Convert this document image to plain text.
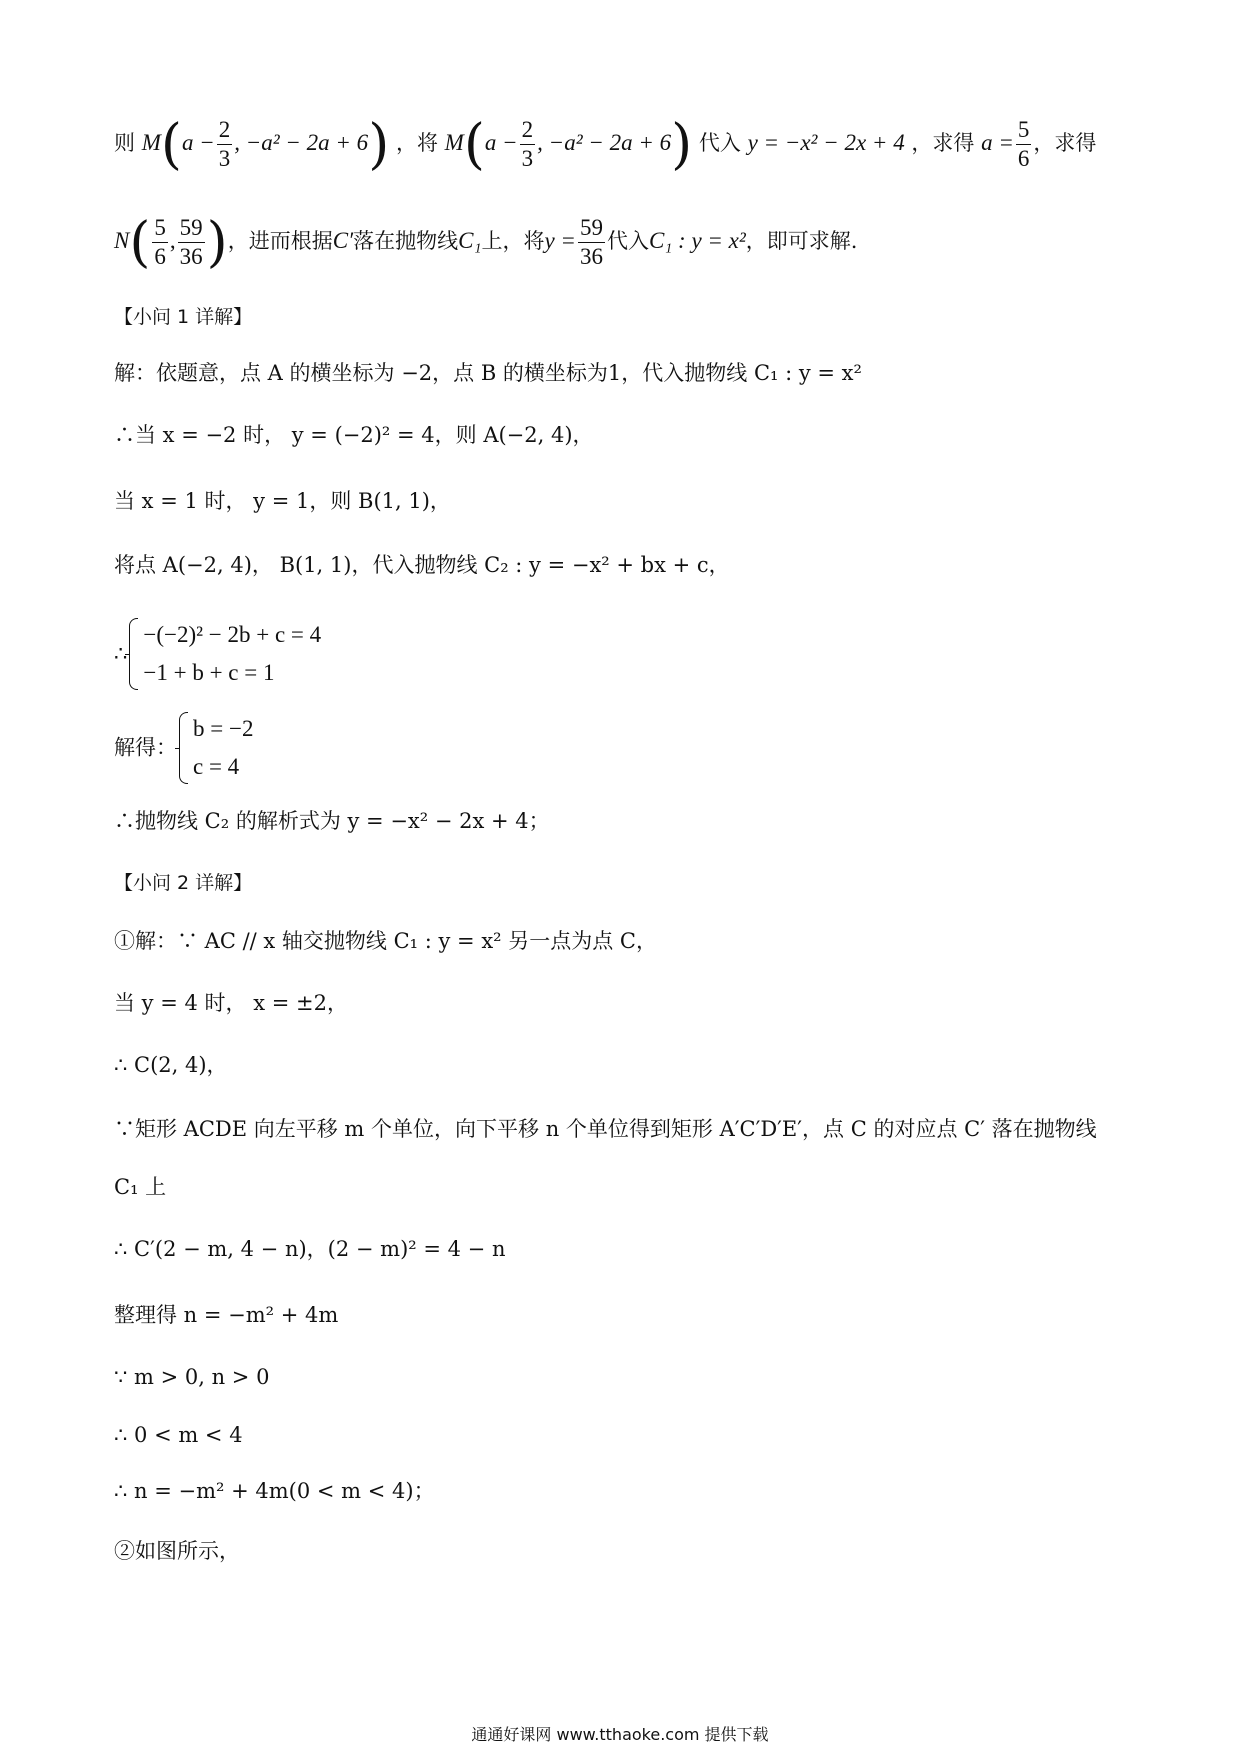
则 $M(a - \frac{2}{3}$ , −a² − 2a + 6) ，将 $M(a - \frac{2}{3}$ , −a² − 2a + 6) 代入 y = −x² − 2x + 4 ，求得 $a = \frac{5}{6}$ ，求得
$N( \frac{5}{6}$ , $\frac{59}{36}$ )，进而根据C′落在抛物线C₁上，将$y = \frac{59}{36}$ 代入C₁ : y = x²，即可求解.
【小问 1 详解】
解：依题意，点 A 的横坐标为 −2，点 B 的横坐标为1，代入抛物线 C₁ : y = x²
∴当 x = −2 时， y = (−2)² = 4，则 A(−2, 4)，
当 x = 1 时， y = 1，则 B(1, 1)，
将点 A(−2, 4)， B(1, 1)，代入抛物线 C₂ : y = −x² + bx + c，
∴
−(−2)² − 2b + c = 4
−1 + b + c = 1
解得：
b = −2
c = 4
∴抛物线 C₂ 的解析式为 y = −x² − 2x + 4；
【小问 2 详解】
①解：∵ AC // x 轴交抛物线 C₁ : y = x² 另一点为点 C，
当 y = 4 时， x = ±2，
∴ C(2, 4)，
∵矩形 ACDE 向左平移 m 个单位，向下平移 n 个单位得到矩形 A′C′D′E′，点 C 的对应点 C′ 落在抛物线
C₁ 上
∴ C′(2 − m, 4 − n)，(2 − m)² = 4 − n
整理得 n = −m² + 4m
∵ m > 0, n > 0
∴ 0 < m < 4
∴ n = −m² + 4m(0 < m < 4)；
②如图所示，
通通好课网 www.tthaoke.com 提供下载
